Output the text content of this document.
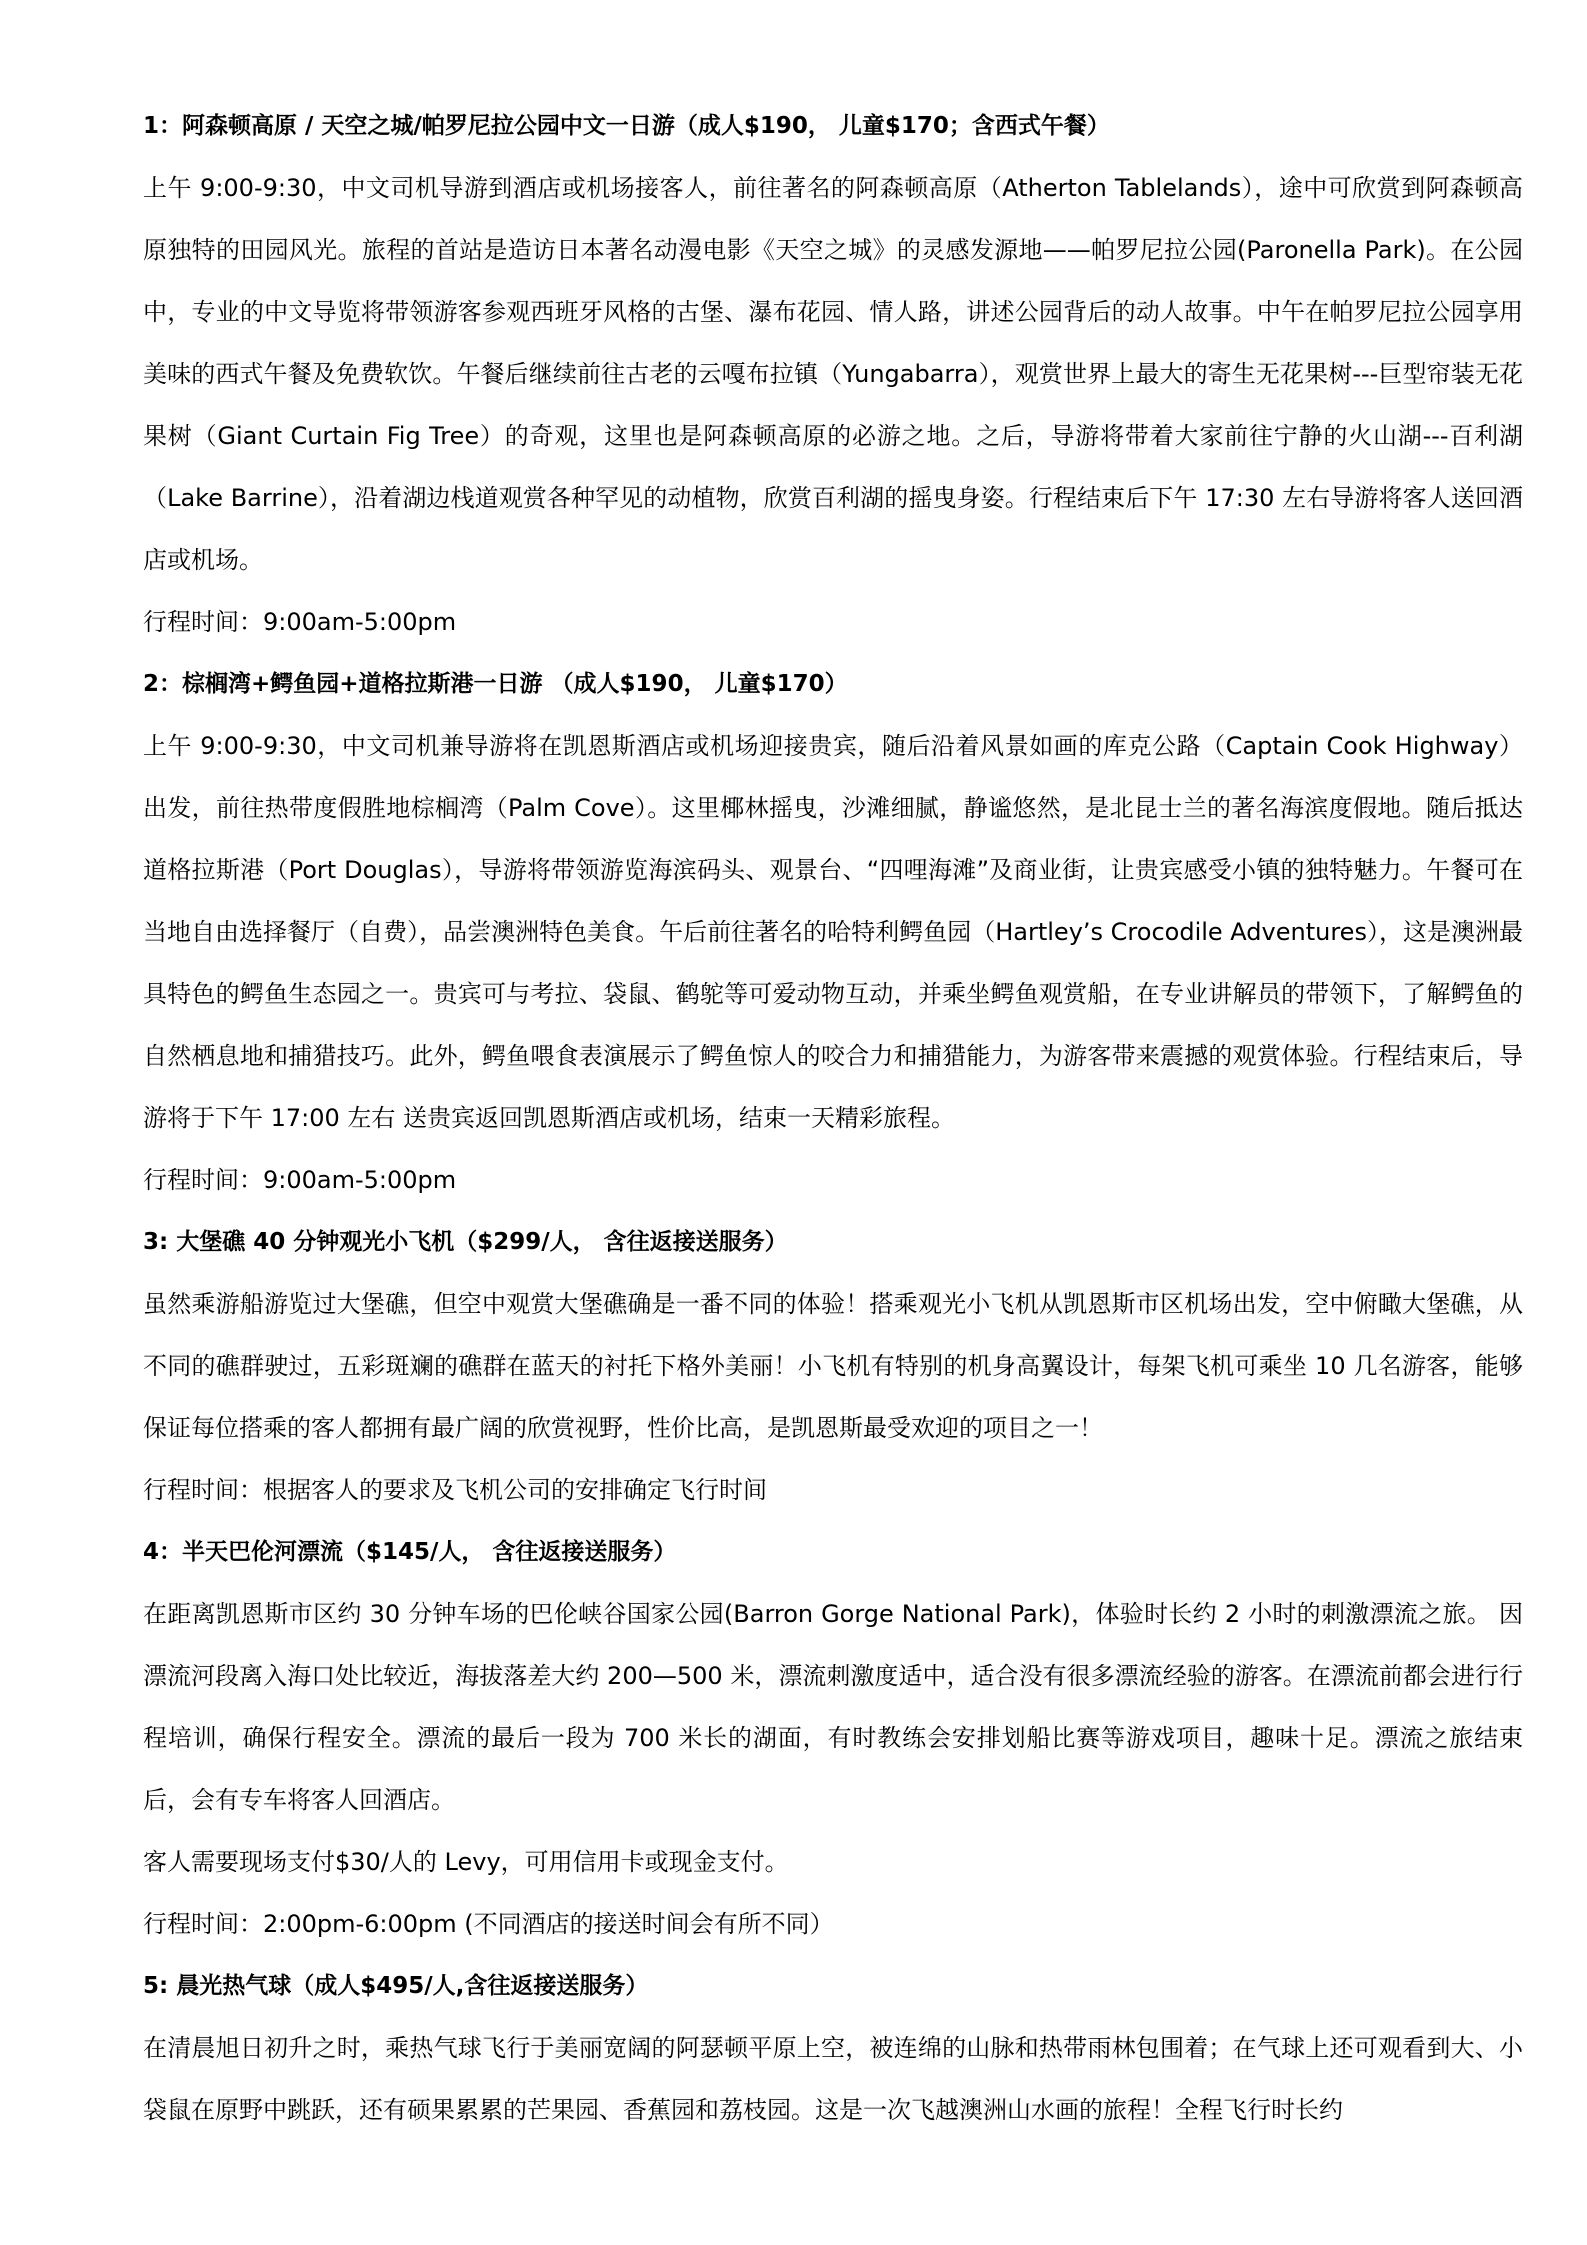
1：阿森顿高原 / 天空之城/帕罗尼拉公园中文一日游（成人$190， 儿童$170；含西式午餐）
上午 9:00-9:30，中文司机导游到酒店或机场接客人，前往著名的阿森顿高原（Atherton Tablelands），途中可欣赏到阿森顿高原独特的田园风光。旅程的首站是造访日本著名动漫电影《天空之城》的灵感发源地——帕罗尼拉公园(Paronella Park)。在公园中，专业的中文导览将带领游客参观西班牙风格的古堡、瀑布花园、情人路，讲述公园背后的动人故事。中午在帕罗尼拉公园享用美味的西式午餐及免费软饮。午餐后继续前往古老的云嘎布拉镇（Yungabarra），观赏世界上最大的寄生无花果树---巨型帘装无花果树（Giant Curtain Fig Tree）的奇观，这里也是阿森顿高原的必游之地。之后，导游将带着大家前往宁静的火山湖---百利湖（Lake Barrine），沿着湖边栈道观赏各种罕见的动植物，欣赏百利湖的摇曳身姿。行程结束后下午 17:30 左右导游将客人送回酒店或机场。
行程时间：9:00am-5:00pm
2：棕榈湾+鳄鱼园+道格拉斯港一日游 （成人$190， 儿童$170）
上午 9:00-9:30，中文司机兼导游将在凯恩斯酒店或机场迎接贵宾，随后沿着风景如画的库克公路（Captain Cook Highway） 出发，前往热带度假胜地棕榈湾（Palm Cove）。这里椰林摇曳，沙滩细腻，静谧悠然，是北昆士兰的著名海滨度假地。随后抵达道格拉斯港（Port Douglas），导游将带领游览海滨码头、观景台、“四哩海滩”及商业街，让贵宾感受小镇的独特魅力。午餐可在当地自由选择餐厅（自费），品尝澳洲特色美食。午后前往著名的哈特利鳄鱼园（Hartley’s Crocodile Adventures），这是澳洲最具特色的鳄鱼生态园之一。贵宾可与考拉、袋鼠、鹤鸵等可爱动物互动，并乘坐鳄鱼观赏船，在专业讲解员的带领下，了解鳄鱼的自然栖息地和捕猎技巧。此外，鳄鱼喂食表演展示了鳄鱼惊人的咬合力和捕猎能力，为游客带来震撼的观赏体验。行程结束后，导游将于下午 17:00 左右 送贵宾返回凯恩斯酒店或机场，结束一天精彩旅程。
行程时间：9:00am-5:00pm
3: 大堡礁 40 分钟观光小飞机（$299/人， 含往返接送服务）
虽然乘游船游览过大堡礁，但空中观赏大堡礁确是一番不同的体验！搭乘观光小飞机从凯恩斯市区机场出发，空中俯瞰大堡礁，从不同的礁群驶过，五彩斑斓的礁群在蓝天的衬托下格外美丽！小飞机有特别的机身高翼设计，每架飞机可乘坐 10 几名游客，能够保证每位搭乘的客人都拥有最广阔的欣赏视野，性价比高，是凯恩斯最受欢迎的项目之一！
行程时间：根据客人的要求及飞机公司的安排确定飞行时间
4：半天巴伦河漂流（$145/人， 含往返接送服务）
在距离凯恩斯市区约 30 分钟车场的巴伦峡谷国家公园(Barron Gorge National Park)，体验时长约 2 小时的刺激漂流之旅。 因漂流河段离入海口处比较近，海拔落差大约 200—500 米，漂流刺激度适中，适合没有很多漂流经验的游客。在漂流前都会进行行程培训，确保行程安全。漂流的最后一段为 700 米长的湖面，有时教练会安排划船比赛等游戏项目，趣味十足。漂流之旅结束后，会有专车将客人回酒店。
客人需要现场支付$30/人的 Levy，可用信用卡或现金支付。
行程时间：2:00pm-6:00pm (不同酒店的接送时间会有所不同）
5: 晨光热气球（成人$495/人,含往返接送服务）
在清晨旭日初升之时，乘热气球飞行于美丽宽阔的阿瑟顿平原上空，被连绵的山脉和热带雨林包围着；在气球上还可观看到大、小袋鼠在原野中跳跃，还有硕果累累的芒果园、香蕉园和荔枝园。这是一次飞越澳洲山水画的旅程！全程飞行时长约
